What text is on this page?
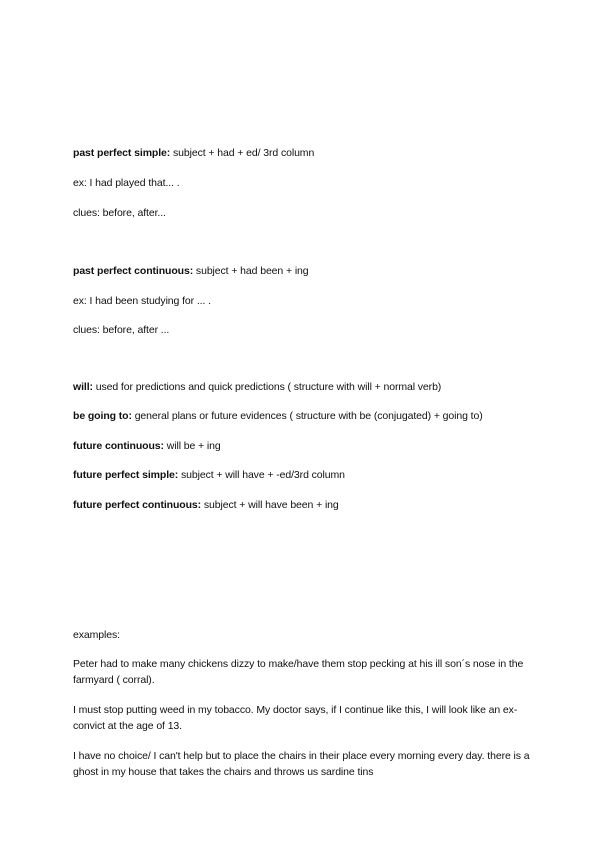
past perfect simple: subject + had + ed/ 3rd column
ex: I had played that... .
clues: before, after...
past perfect continuous: subject + had been + ing
ex: I had been studying for ... .
clues: before, after ...
will: used for predictions and quick predictions ( structure with will + normal verb)
be going to: general plans or future evidences ( structure with be (conjugated) + going to)
future continuous: will be + ing
future perfect simple: subject + will have + -ed/3rd column
future perfect continuous: subject + will have been + ing
examples:
Peter had to make many chickens dizzy to make/have them stop pecking at his ill son´s nose in the farmyard ( corral).
I must stop putting weed in my tobacco. My doctor says, if I continue like this, I will look like an ex-convict at the age of 13.
I have no choice/ I can't help but to place the chairs in their place every morning every day. there is a ghost in my house that takes the chairs and throws us sardine tins
